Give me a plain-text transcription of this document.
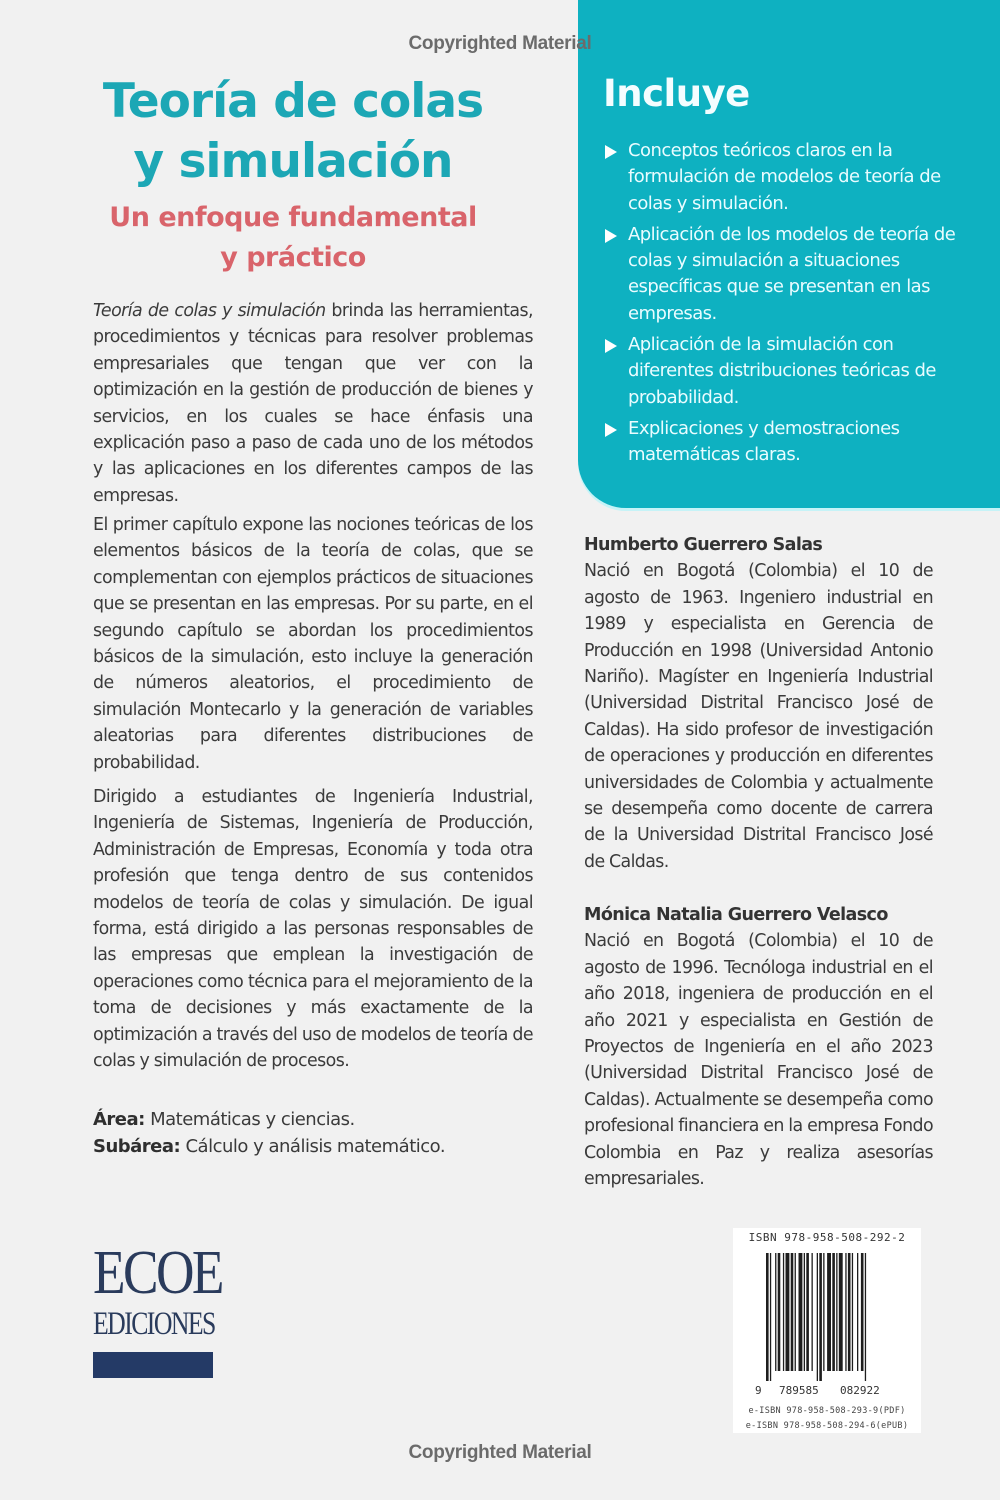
Copyrighted Material
Teoría de colas
y simulación
Un enfoque fundamental
y práctico

Teoría de colas y simulación brinda las herramientas, procedimientos y técnicas para resolver problemas empresariales que tengan que ver con la optimización en la gestión de producción de bienes y servicios, en los cuales se hace énfasis una explicación paso a paso de cada uno de los métodos y las aplicaciones en los diferentes campos de las empresas.

El primer capítulo expone las nociones teóricas de los elementos básicos de la teoría de colas, que se complementan con ejemplos prácticos de situaciones que se presentan en las empresas. Por su parte, en el segundo capítulo se abordan los procedimientos básicos de la simulación, esto incluye la generación de números aleatorios, el procedimiento de simulación Montecarlo y la generación de variables aleatorias para diferentes distribuciones de probabilidad.

Dirigido a estudiantes de Ingeniería Industrial, Ingeniería de Sistemas, Ingeniería de Producción, Administración de Empresas, Economía y toda otra profesión que tenga dentro de sus contenidos modelos de teoría de colas y simulación. De igual forma, está dirigido a las personas responsables de las empresas que emplean la investigación de operaciones como técnica para el mejoramiento de la toma de decisiones y más exactamente de la optimización a través del uso de modelos de teoría de colas y simulación de procesos.

Área: Matemáticas y ciencias.
Subárea: Cálculo y análisis matemático.
ECOE
EDICIONES
Incluye
Conceptos teóricos claros en la formulación de modelos de teoría de colas y simulación.
Aplicación de los modelos de teoría de colas y simulación a situaciones específicas que se presentan en las empresas.
Aplicación de la simulación con diferentes distribuciones teóricas de probabilidad.
Explicaciones y demostraciones matemáticas claras.
Humberto Guerrero Salas

Nació en Bogotá (Colombia) el 10 de agosto de 1963. Ingeniero industrial en 1989 y especialista en Gerencia de Producción en 1998 (Universidad Antonio Nariño). Magíster en Ingeniería Industrial (Universidad Distrital Francisco José de Caldas). Ha sido profesor de investigación de operaciones y producción en diferentes universidades de Colombia y actualmente se desempeña como docente de carrera de la Universidad Distrital Francisco José de Caldas.

Mónica Natalia Guerrero Velasco

Nació en Bogotá (Colombia) el 10 de agosto de 1996. Tecnóloga industrial en el año 2018, ingeniera de producción en el año 2021 y especialista en Gestión de Proyectos de Ingeniería en el año 2023 (Universidad Distrital Francisco José de Caldas). Actualmente se desempeña como profesional financiera en la empresa Fondo Colombia en Paz y realiza asesorías empresariales.

ISBN 978-958-508-292-2
9 789585 082922
e-ISBN 978-958-508-293-9(PDF)
e-ISBN 978-958-508-294-6(ePUB)
Copyrighted Material
